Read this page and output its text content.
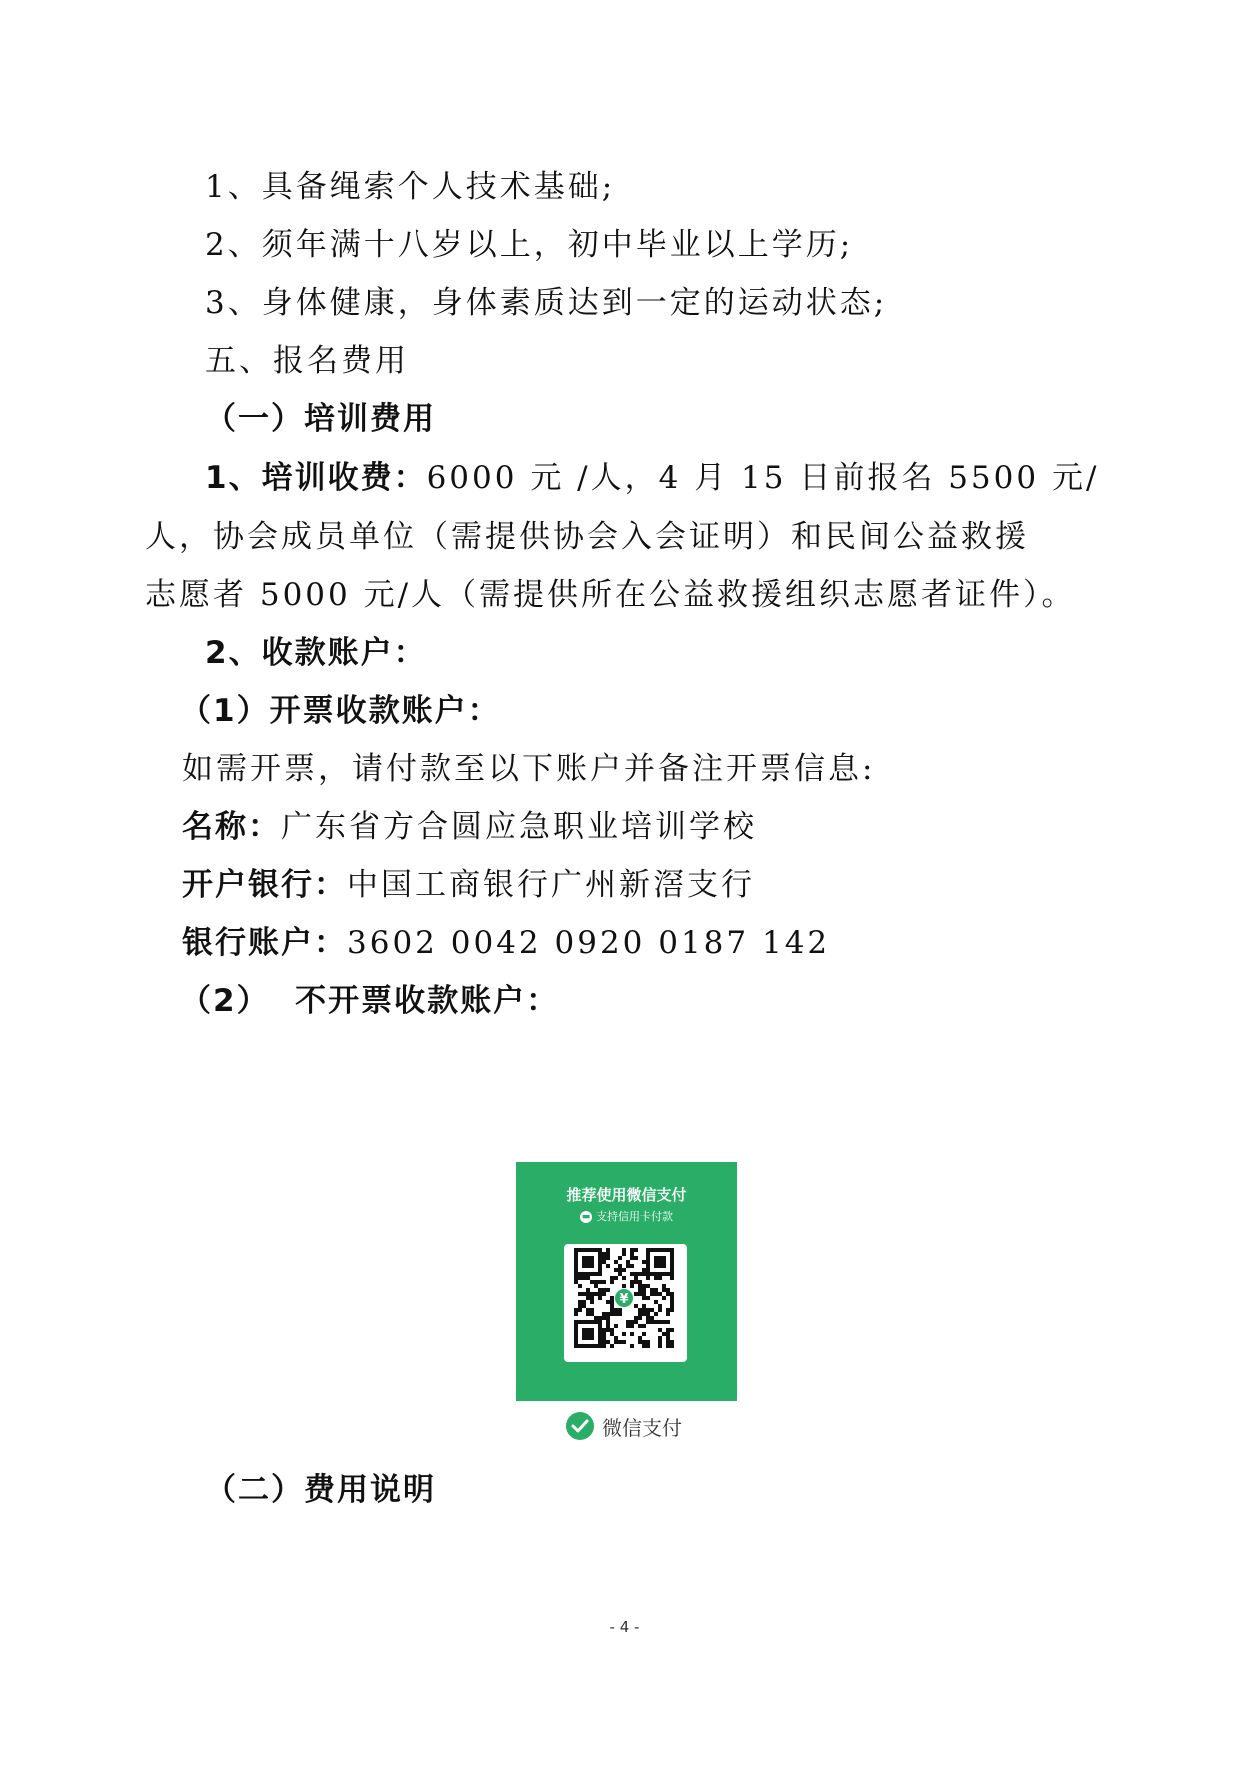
1、具备绳索个人技术基础;
2、须年满十八岁以上，初中毕业以上学历;
3、身体健康，身体素质达到一定的运动状态;
五、报名费用
（一）培训费用
1、培训收费：6000 元 /人，4 月 15 日前报名 5500 元/
人，协会成员单位（需提供协会入会证明）和民间公益救援
志愿者 5000 元/人（需提供所在公益救援组织志愿者证件）。
2、收款账户：
（1）开票收款账户：
如需开票，请付款至以下账户并备注开票信息:
名称：广东省方合圆应急职业培训学校
开户银行：中国工商银行广州新滘支行
银行账户：3602 0042 0920 0187 142
（2）  不开票收款账户：
推荐使用微信支付
▬ 支持信用卡付款
¥
广东省方合圆应急职业培训学校
微信支付
（二）费用说明
- 4 -
